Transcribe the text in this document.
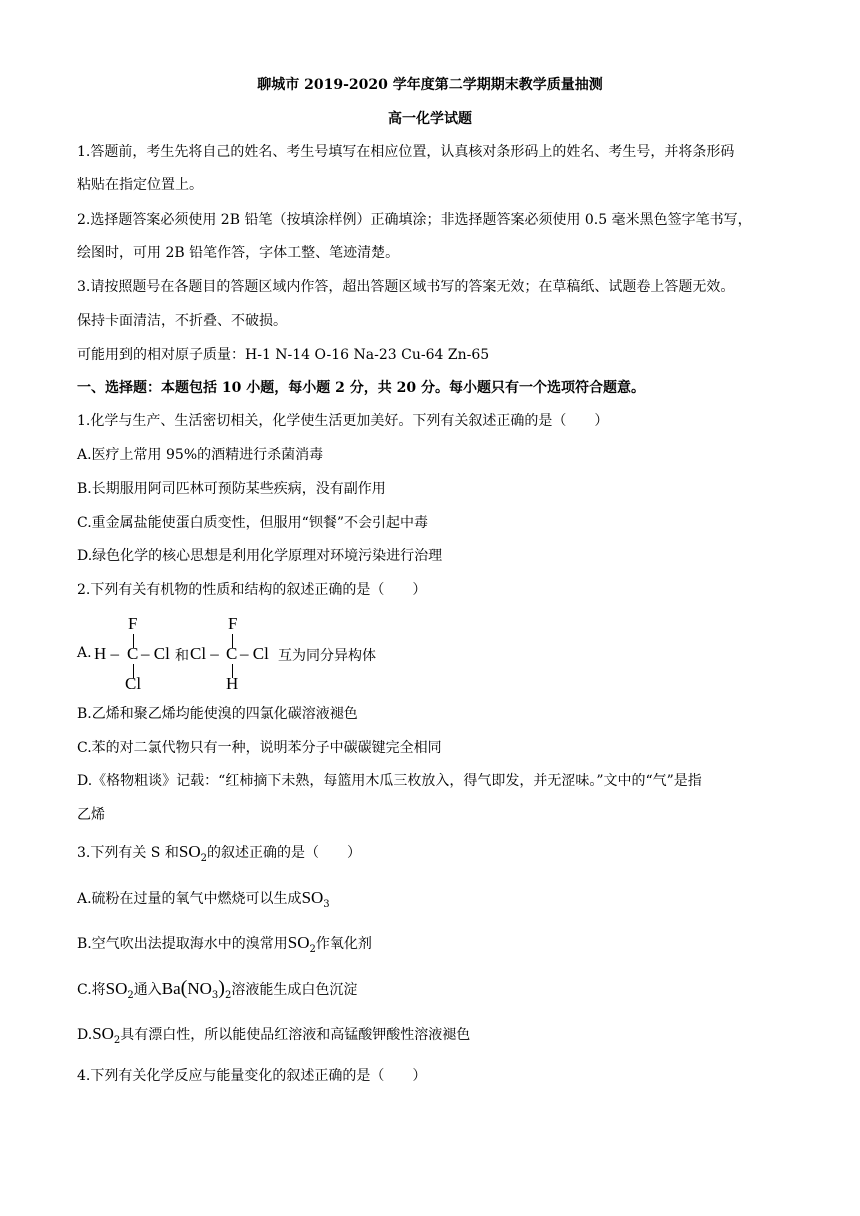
聊城市 2019-2020 学年度第二学期期末教学质量抽测
高一化学试题
1.答题前，考生先将自己的姓名、考生号填写在相应位置，认真核对条形码上的姓名、考生号，并将条形码
粘贴在指定位置上。
2.选择题答案必须使用 2B 铅笔（按填涂样例）正确填涂；非选择题答案必须使用 0.5 毫米黑色签字笔书写，
绘图时，可用 2B 铅笔作答，字体工整、笔迹清楚。
3.请按照题号在各题目的答题区域内作答，超出答题区域书写的答案无效；在草稿纸、试题卷上答题无效。
保持卡面清洁，不折叠、不破损。
可能用到的相对原子质量：H-1 N-14 O-16 Na-23 Cu-64 Zn-65
一、选择题：本题包括 10 小题，每小题 2 分，共 20 分。每小题只有一个选项符合题意。
1.化学与生产、生活密切相关，化学使生活更加美好。下列有关叙述正确的是（　　）
A.医疗上常用 95%的酒精进行杀菌消毒
B.长期服用阿司匹林可预防某些疾病，没有副作用
C.重金属盐能使蛋白质变性，但服用“钡餐”不会引起中毒
D.绿色化学的核心思想是利用化学原理对环境污染进行治理
2.下列有关有机物的性质和结构的叙述正确的是（　　）
A.
F
H – C – Cl
Cl
和
F
Cl – C – Cl
H
互为同分异构体
B.乙烯和聚乙烯均能使溴的四氯化碳溶液褪色
C.苯的对二氯代物只有一种，说明苯分子中碳碳键完全相同
D.《格物粗谈》记载：“红柿摘下未熟，每篮用木瓜三枚放入，得气即发，并无涩味。”文中的“气”是指
乙烯
3.下列有关 S 和$SO_2$的叙述正确的是（　　）
A.硫粉在过量的氧气中燃烧可以生成$SO_3$
B.空气吹出法提取海水中的溴常用$SO_2$作氧化剂
C.将$SO_2$通入$Ba(NO_3)_2$溶液能生成白色沉淀
$D.SO_2$具有漂白性，所以能使品红溶液和高锰酸钾酸性溶液褪色
4.下列有关化学反应与能量变化的叙述正确的是（　　）
